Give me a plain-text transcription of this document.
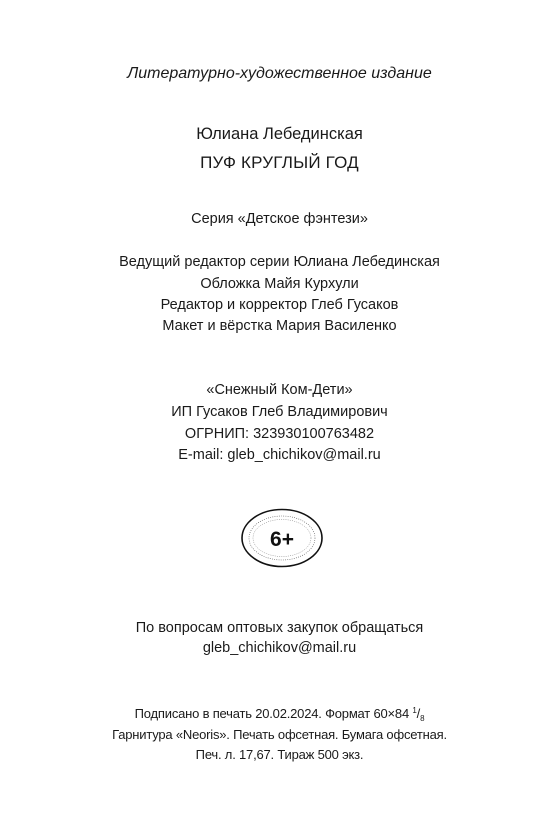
Литературно-художественное издание
Юлиана Лебединская
ПУФ КРУГЛЫЙ ГОД
Серия «Детское фэнтези»
Ведущий редактор серии Юлиана Лебединская
Обложка Майя Курхули
Редактор и корректор Глеб Гусаков
Макет и вёрстка Мария Василенко
«Снежный Ком-Дети»
ИП Гусаков Глеб Владимирович
ОГРНИП: 323930100763482
E-mail: gleb_chichikov@mail.ru
6+
По вопросам оптовых закупок обращаться
gleb_chichikov@mail.ru
Подписано в печать 20.02.2024. Формат 60×84 $^1/_8$
Гарнитура «Neoris». Печать офсетная. Бумага офсетная.
Печ. л. 17,67. Тираж 500 экз.
